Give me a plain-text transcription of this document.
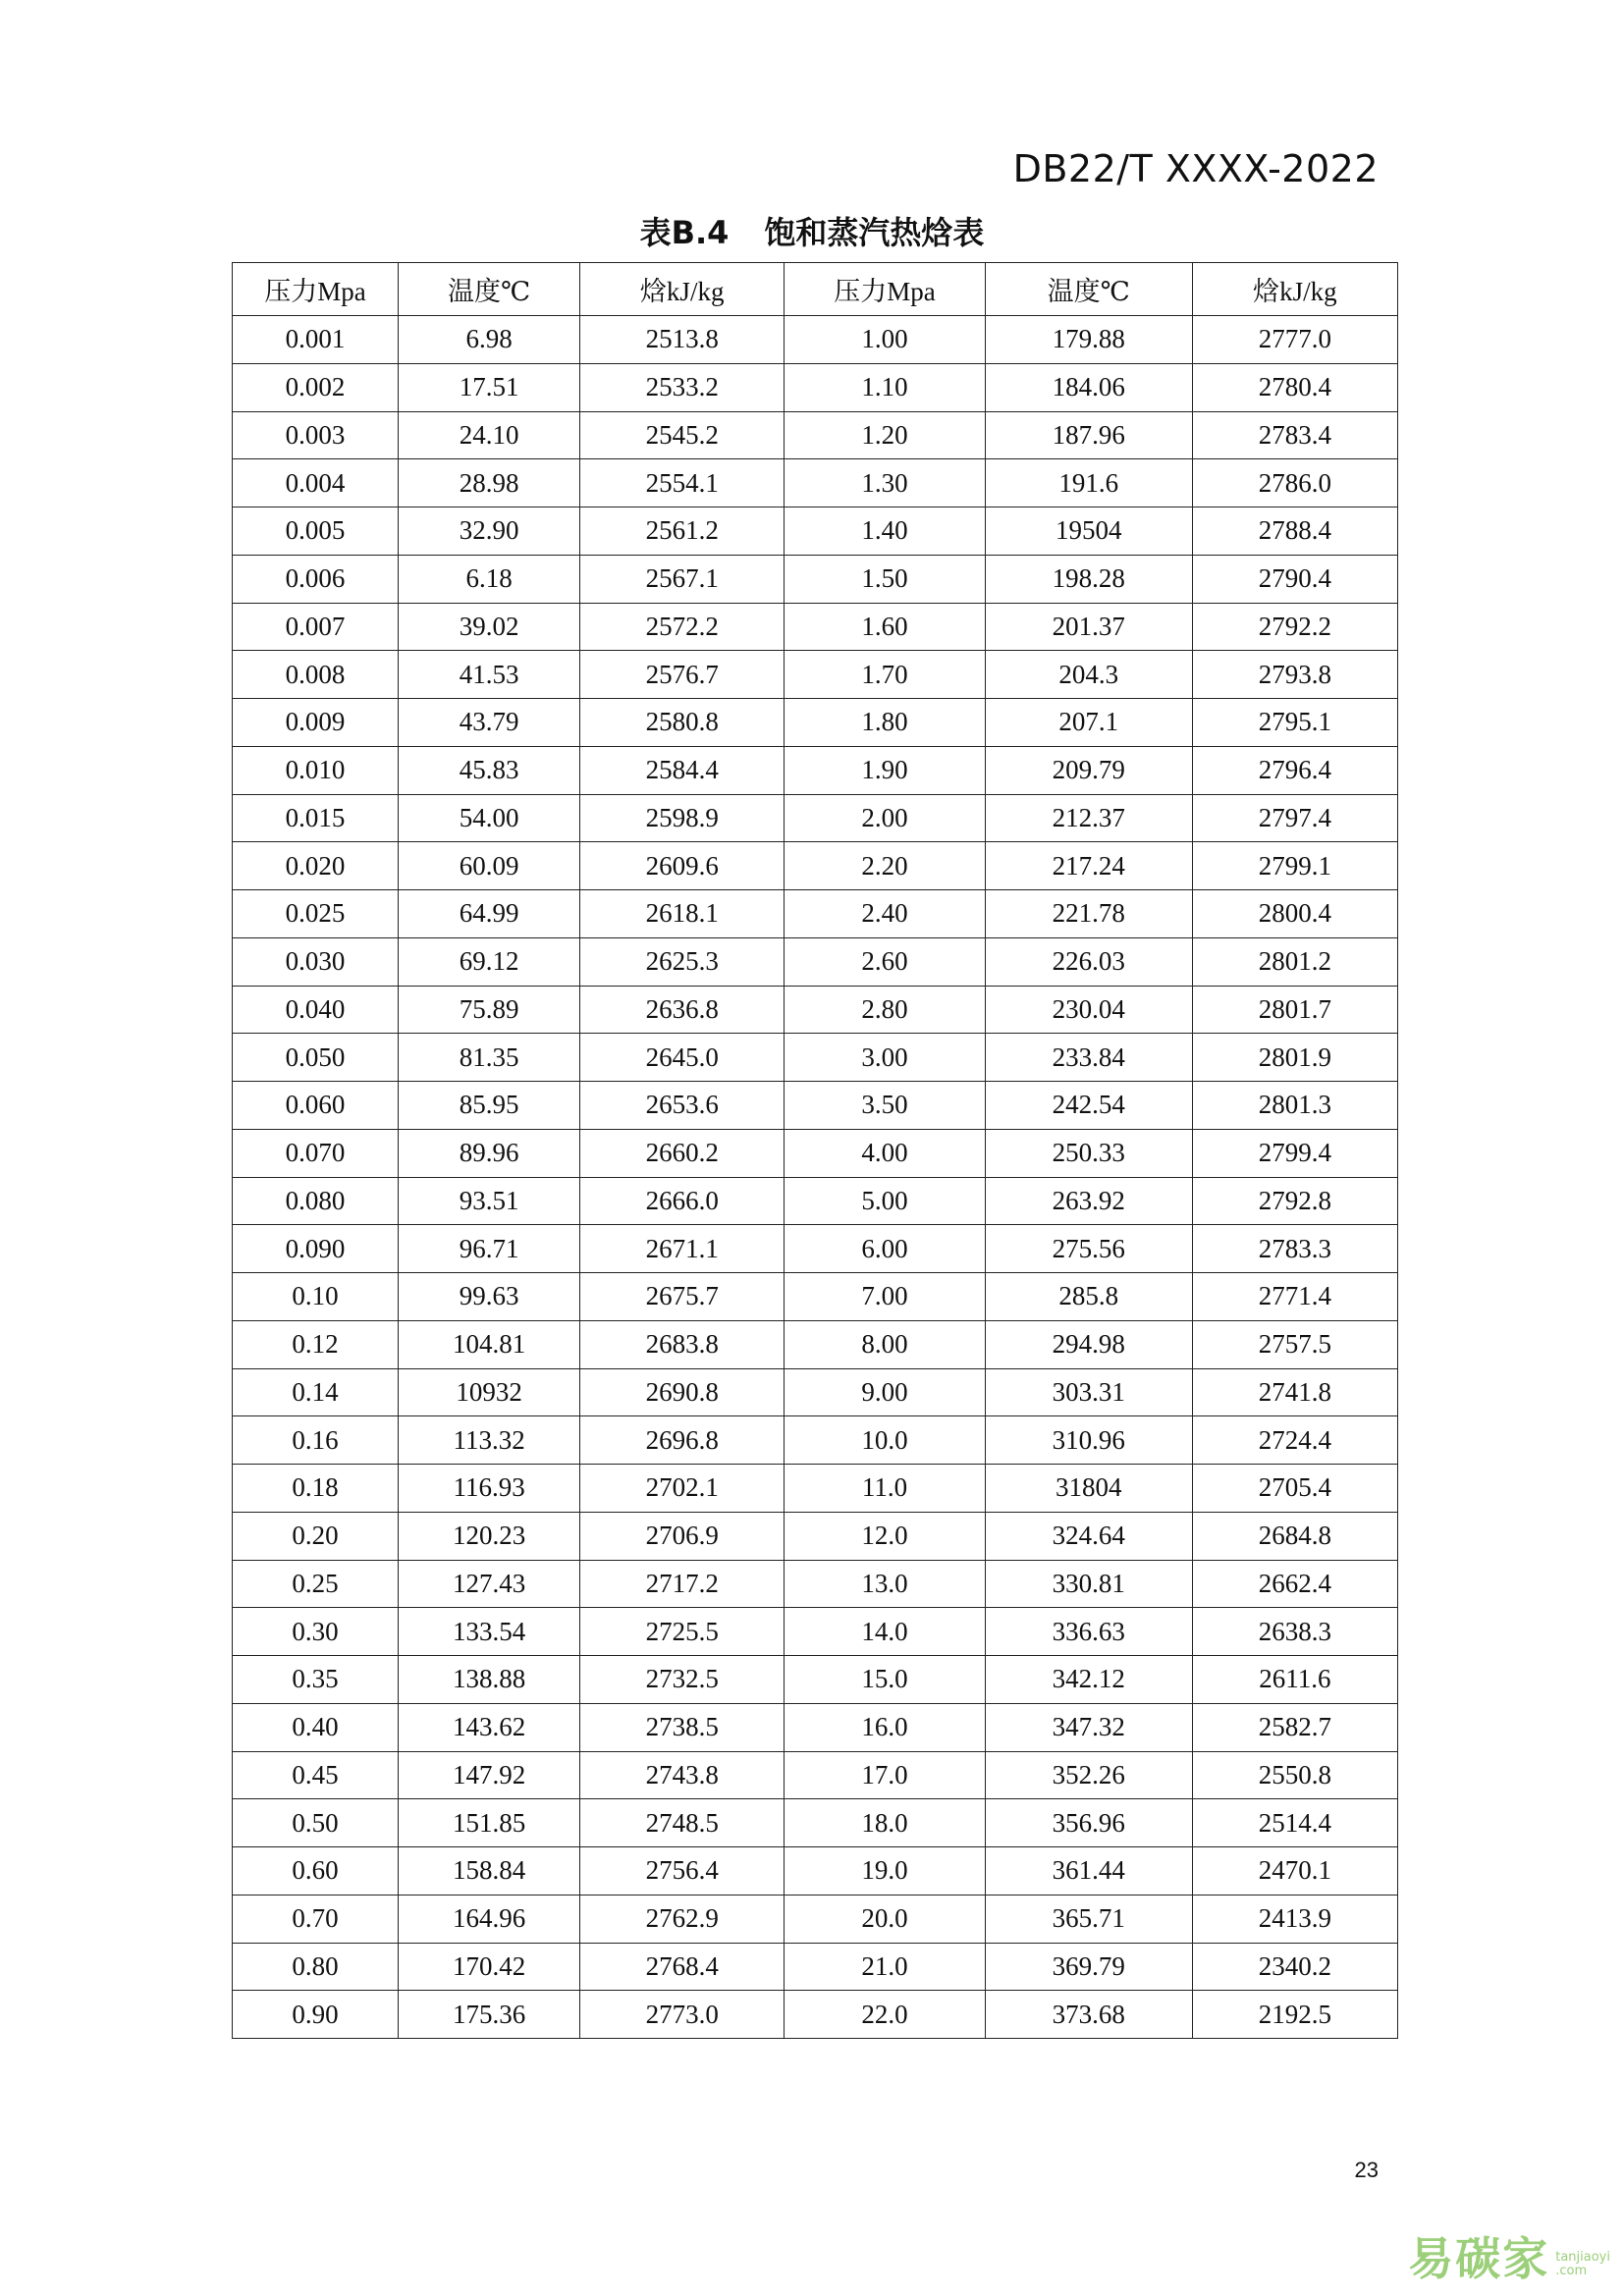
DB22/T XXXX-2022
表B.4 饱和蒸汽热焓表
压力Mpa	温度℃	焓kJ/kg	压力Mpa	温度℃	焓kJ/kg
0.001	6.98	2513.8	1.00	179.88	2777.0
0.002	17.51	2533.2	1.10	184.06	2780.4
0.003	24.10	2545.2	1.20	187.96	2783.4
0.004	28.98	2554.1	1.30	191.6	2786.0
0.005	32.90	2561.2	1.40	19504	2788.4
0.006	6.18	2567.1	1.50	198.28	2790.4
0.007	39.02	2572.2	1.60	201.37	2792.2
0.008	41.53	2576.7	1.70	204.3	2793.8
0.009	43.79	2580.8	1.80	207.1	2795.1
0.010	45.83	2584.4	1.90	209.79	2796.4
0.015	54.00	2598.9	2.00	212.37	2797.4
0.020	60.09	2609.6	2.20	217.24	2799.1
0.025	64.99	2618.1	2.40	221.78	2800.4
0.030	69.12	2625.3	2.60	226.03	2801.2
0.040	75.89	2636.8	2.80	230.04	2801.7
0.050	81.35	2645.0	3.00	233.84	2801.9
0.060	85.95	2653.6	3.50	242.54	2801.3
0.070	89.96	2660.2	4.00	250.33	2799.4
0.080	93.51	2666.0	5.00	263.92	2792.8
0.090	96.71	2671.1	6.00	275.56	2783.3
0.10	99.63	2675.7	7.00	285.8	2771.4
0.12	104.81	2683.8	8.00	294.98	2757.5
0.14	10932	2690.8	9.00	303.31	2741.8
0.16	113.32	2696.8	10.0	310.96	2724.4
0.18	116.93	2702.1	11.0	31804	2705.4
0.20	120.23	2706.9	12.0	324.64	2684.8
0.25	127.43	2717.2	13.0	330.81	2662.4
0.30	133.54	2725.5	14.0	336.63	2638.3
0.35	138.88	2732.5	15.0	342.12	2611.6
0.40	143.62	2738.5	16.0	347.32	2582.7
0.45	147.92	2743.8	17.0	352.26	2550.8
0.50	151.85	2748.5	18.0	356.96	2514.4
0.60	158.84	2756.4	19.0	361.44	2470.1
0.70	164.96	2762.9	20.0	365.71	2413.9
0.80	170.42	2768.4	21.0	369.79	2340.2
0.90	175.36	2773.0	22.0	373.68	2192.5
23
易碳家 tanjiaoyi
.com
